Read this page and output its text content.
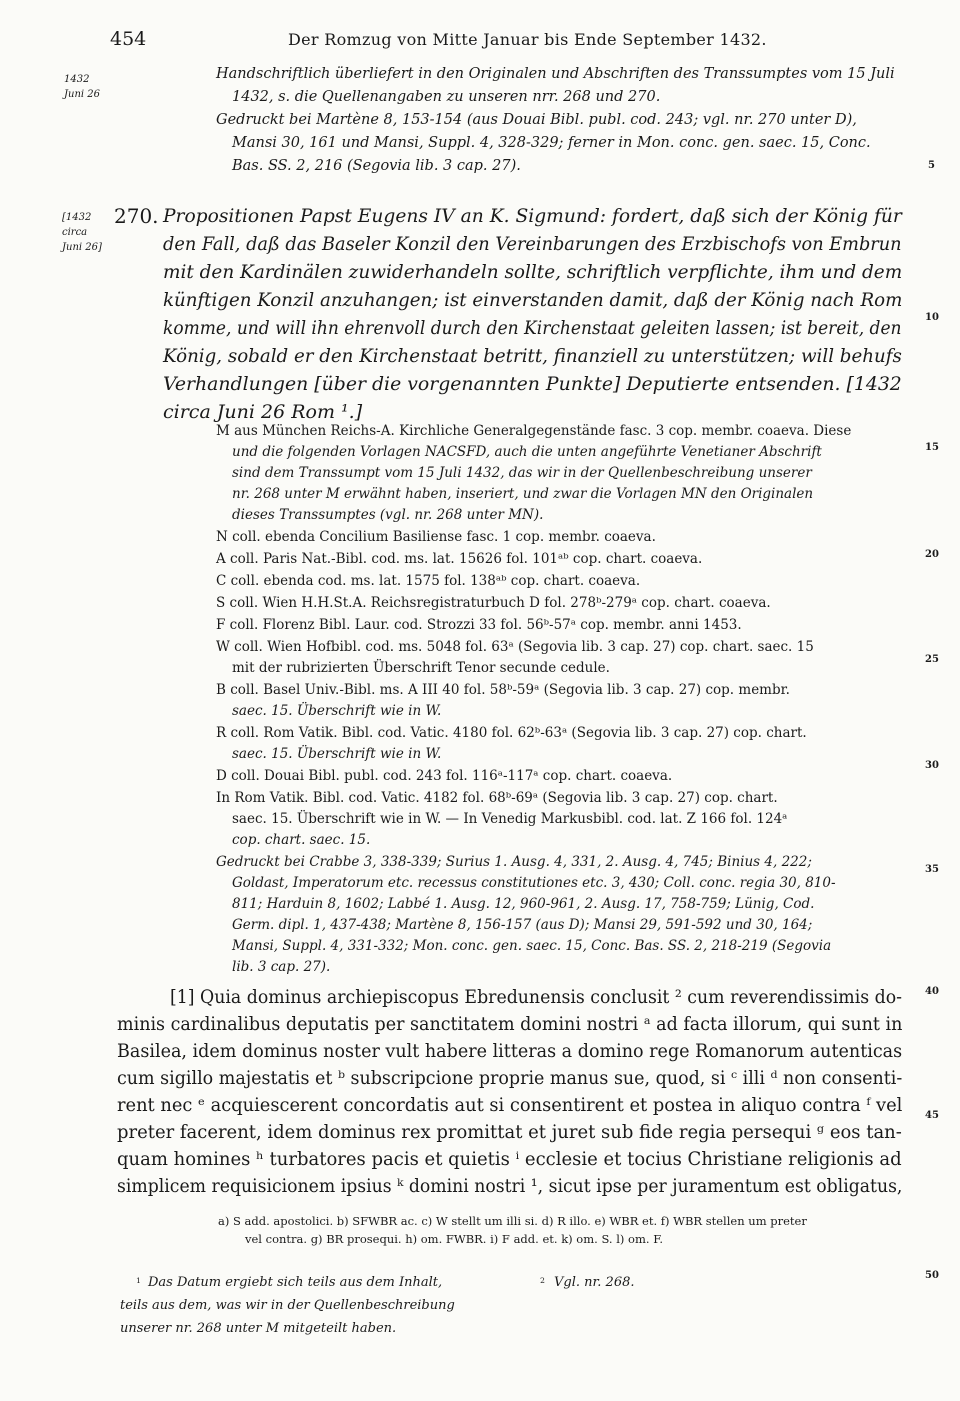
454	Der Romzug von Mitte Januar bis Ende September 1432.
1432
Juni 26
Handschriftlich überliefert in den Originalen und Abschriften des Transsumptes vom 15 Juli
1432, s. die Quellenangaben zu unseren nrr. 268 und 270.
Gedruckt bei Martène 8, 153-154 (aus Douai Bibl. publ. cod. 243; vgl. nr. 270 unter D),
Mansi 30, 161 und Mansi, Suppl. 4, 328-329; ferner in Mon. conc. gen. saec. 15, Conc.
Bas. SS. 2, 216 (Segovia lib. 3 cap. 27).
[1432
circa
Juni 26]
270. Propositionen Papst Eugens IV an K. Sigmund: fordert, daß sich der König für
den Fall, daß das Baseler Konzil den Vereinbarungen des Erzbischofs von Embrun
mit den Kardinälen zuwiderhandeln sollte, schriftlich verpflichte, ihm und dem
künftigen Konzil anzuhangen; ist einverstanden damit, daß der König nach Rom
komme, und will ihn ehrenvoll durch den Kirchenstaat geleiten lassen; ist bereit, den
König, sobald er den Kirchenstaat betritt, finanziell zu unterstützen; will behufs
Verhandlungen [über die vorgenannten Punkte] Deputierte entsenden. [1432
circa Juni 26 Rom ¹.]
M aus München Reichs-A. Kirchliche Generalgegenstände fasc. 3 cop. membr. coaeva. Diese
und die folgenden Vorlagen NACSFD, auch die unten angeführte Venetianer Abschrift
sind dem Transsumpt vom 15 Juli 1432, das wir in der Quellenbeschreibung unserer
nr. 268 unter M erwähnt haben, inseriert, und zwar die Vorlagen MN den Originalen
dieses Transsumptes (vgl. nr. 268 unter MN).
N coll. ebenda Concilium Basiliense fasc. 1 cop. membr. coaeva.
A coll. Paris Nat.-Bibl. cod. ms. lat. 15626 fol. 101ᵃᵇ cop. chart. coaeva.
C coll. ebenda cod. ms. lat. 1575 fol. 138ᵃᵇ cop. chart. coaeva.
S coll. Wien H.H.St.A. Reichsregistraturbuch D fol. 278ᵇ-279ᵃ cop. chart. coaeva.
F coll. Florenz Bibl. Laur. cod. Strozzi 33 fol. 56ᵇ-57ᵃ cop. membr. anni 1453.
W coll. Wien Hofbibl. cod. ms. 5048 fol. 63ᵃ (Segovia lib. 3 cap. 27) cop. chart. saec. 15
mit der rubrizierten Überschrift Tenor secunde cedule.
B coll. Basel Univ.-Bibl. ms. A III 40 fol. 58ᵇ-59ᵃ (Segovia lib. 3 cap. 27) cop. membr.
saec. 15. Überschrift wie in W.
R coll. Rom Vatik. Bibl. cod. Vatic. 4180 fol. 62ᵇ-63ᵃ (Segovia lib. 3 cap. 27) cop. chart.
saec. 15. Überschrift wie in W.
D coll. Douai Bibl. publ. cod. 243 fol. 116ᵃ-117ᵃ cop. chart. coaeva.
In Rom Vatik. Bibl. cod. Vatic. 4182 fol. 68ᵇ-69ᵃ (Segovia lib. 3 cap. 27) cop. chart.
saec. 15. Überschrift wie in W. — In Venedig Markusbibl. cod. lat. Z 166 fol. 124ᵃ
cop. chart. saec. 15.
Gedruckt bei Crabbe 3, 338-339; Surius 1. Ausg. 4, 331, 2. Ausg. 4, 745; Binius 4, 222;
Goldast, Imperatorum etc. recessus constitutiones etc. 3, 430; Coll. conc. regia 30, 810-
811; Harduin 8, 1602; Labbé 1. Ausg. 12, 960-961, 2. Ausg. 17, 758-759; Lünig, Cod.
Germ. dipl. 1, 437-438; Martène 8, 156-157 (aus D); Mansi 29, 591-592 und 30, 164;
Mansi, Suppl. 4, 331-332; Mon. conc. gen. saec. 15, Conc. Bas. SS. 2, 218-219 (Segovia
lib. 3 cap. 27).
[1] Quia dominus archiepiscopus Ebredunensis conclusit ² cum reverendissimis do-
minis cardinalibus deputatis per sanctitatem domini nostri ᵃ ad facta illorum, qui sunt in
Basilea, idem dominus noster vult habere litteras a domino rege Romanorum autenticas
cum sigillo majestatis et ᵇ subscripcione proprie manus sue, quod, si ᶜ illi ᵈ non consenti-
rent nec ᵉ acquiescerent concordatis aut si consentirent et postea in aliquo contra ᶠ vel
preter facerent, idem dominus rex promittat et juret sub fide regia persequi ᵍ eos tan-
quam homines ʰ turbatores pacis et quietis ⁱ ecclesie et tocius Christiane religionis ad
simplicem requisicionem ipsius ᵏ domini nostri ¹, sicut ipse per juramentum est obligatus,
a) S add. apostolici. b) SFWBR ac. c) W stellt um illi si. d) R illo. e) WBR et. f) WBR stellen um preter
vel contra. g) BR prosequi. h) om. FWBR. i) F add. et. k) om. S. l) om. F.
$^1$ Das Datum ergiebt sich teils aus dem Inhalt,
teils aus dem, was wir in der Quellenbeschreibung
unserer nr. 268 unter M mitgeteilt haben.
$^2$ Vgl. nr. 268.
5
10
15
20
25
30
35
40
45
50
